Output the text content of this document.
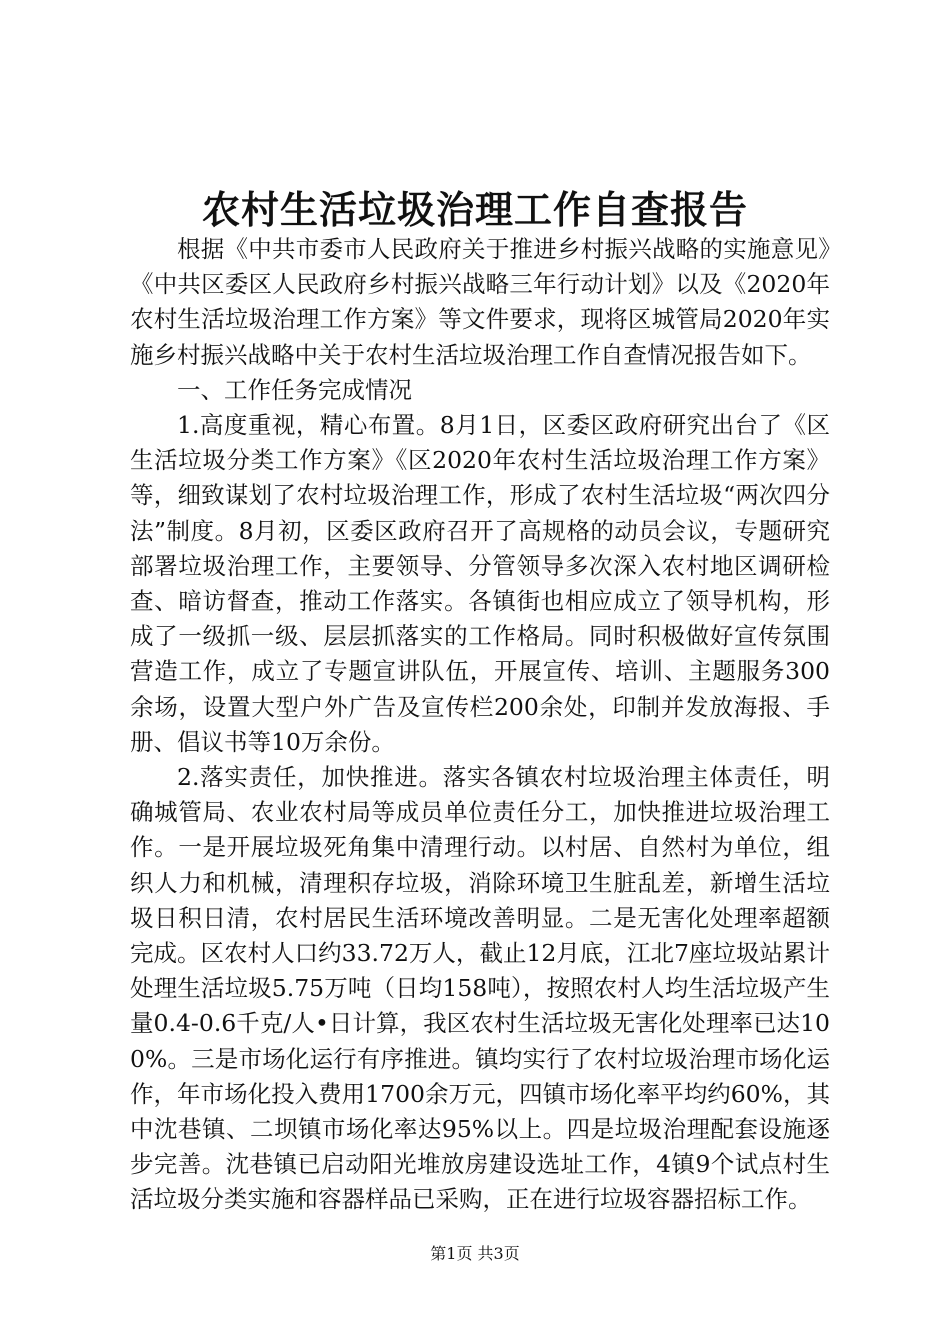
农村生活垃圾治理工作自查报告

根据《中共市委市人民政府关于推进乡村振兴战略的实施意见》《中共区委区人民政府乡村振兴战略三年行动计划》以及《2020年农村生活垃圾治理工作方案》等文件要求，现将区城管局2020年实施乡村振兴战略中关于农村生活垃圾治理工作自查情况报告如下。

一、工作任务完成情况

1.高度重视，精心布置。8月1日，区委区政府研究出台了《区生活垃圾分类工作方案》《区2020年农村生活垃圾治理工作方案》等，细致谋划了农村垃圾治理工作，形成了农村生活垃圾“两次四分法”制度。8月初，区委区政府召开了高规格的动员会议，专题研究部署垃圾治理工作，主要领导、分管领导多次深入农村地区调研检查、暗访督查，推动工作落实。各镇街也相应成立了领导机构，形成了一级抓一级、层层抓落实的工作格局。同时积极做好宣传氛围营造工作，成立了专题宣讲队伍，开展宣传、培训、主题服务300余场，设置大型户外广告及宣传栏200余处，印制并发放海报、手册、倡议书等10万余份。

2.落实责任，加快推进。落实各镇农村垃圾治理主体责任，明确城管局、农业农村局等成员单位责任分工，加快推进垃圾治理工作。一是开展垃圾死角集中清理行动。以村居、自然村为单位，组织人力和机械，清理积存垃圾，消除环境卫生脏乱差，新增生活垃圾日积日清，农村居民生活环境改善明显。二是无害化处理率超额完成。区农村人口约33.72万人，截止12月底，江北7座垃圾站累计处理生活垃圾5.75万吨（日均158吨），按照农村人均生活垃圾产生量0.4-0.6千克/人•日计算，我区农村生活垃圾无害化处理率已达100%。三是市场化运行有序推进。镇均实行了农村垃圾治理市场化运作，年市场化投入费用1700余万元，四镇市场化率平均约60%，其中沈巷镇、二坝镇市场化率达95%以上。四是垃圾治理配套设施逐步完善。沈巷镇已启动阳光堆放房建设选址工作，4镇9个试点村生活垃圾分类实施和容器样品已采购，正在进行垃圾容器招标工作。

第1页 共3页
